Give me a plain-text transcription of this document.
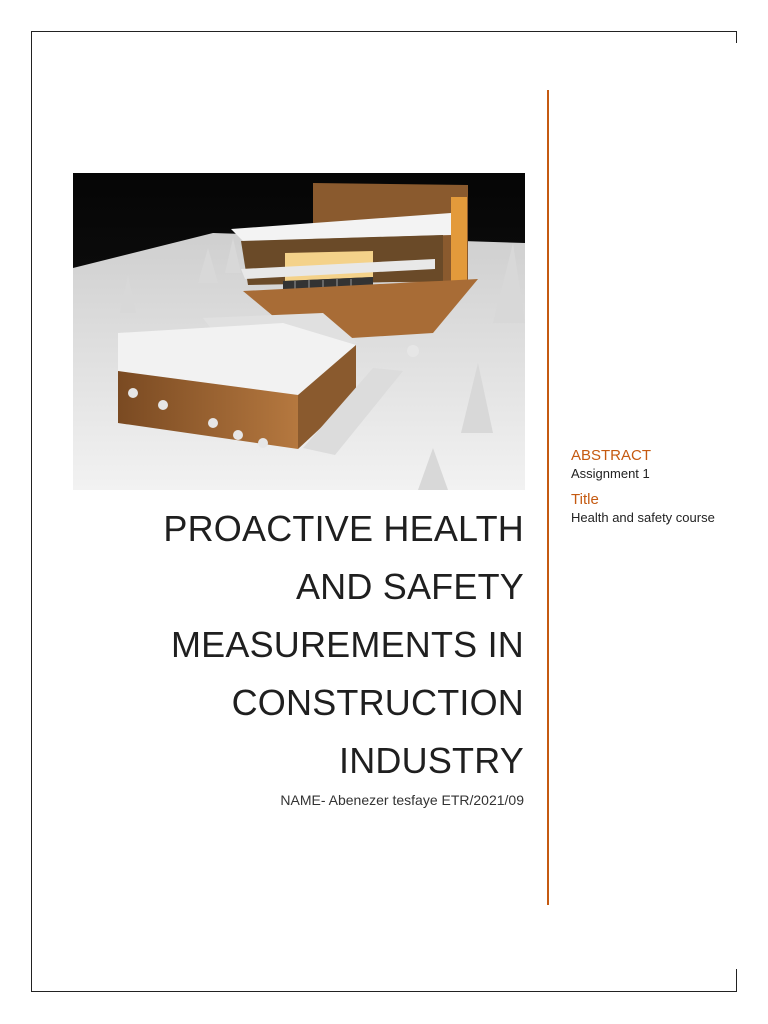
PROACTIVE HEALTH
AND SAFETY
MEASUREMENTS IN
CONSTRUCTION
INDUSTRY
NAME- Abenezer tesfaye ETR/2021/09
ABSTRACT
Assignment 1
Title
Health and safety course
